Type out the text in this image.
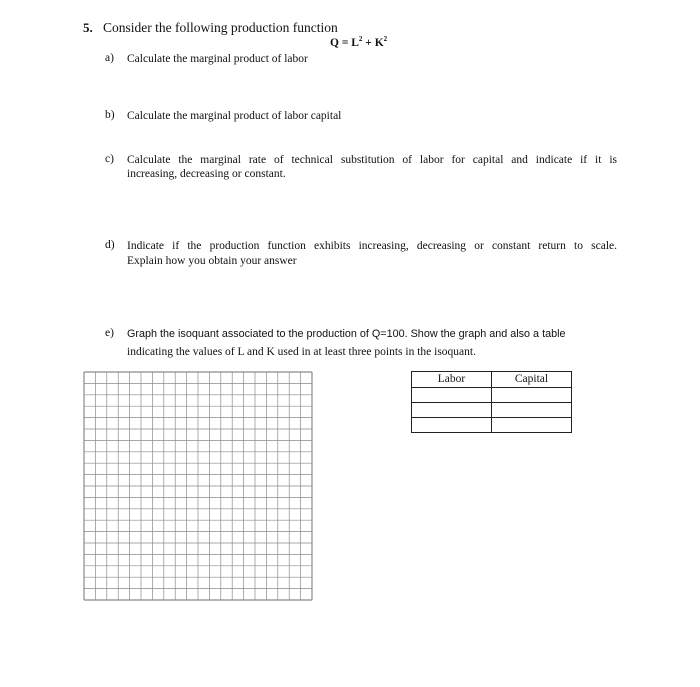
5. Consider the following production function
$Q = L^2 + K^2$
a) Calculate the marginal product of labor
b) Calculate the marginal product of labor capital
c) Calculate the marginal rate of technical substitution of labor for capital and indicate if it is
increasing, decreasing or constant.
d) Indicate if the production function exhibits increasing, decreasing or constant return to scale.
Explain how you obtain your answer
e) Graph the isoquant associated to the production of Q=100. Show the graph and also a table
indicating the values of L and K used in at least three points in the isoquant.
Labor	Capital
